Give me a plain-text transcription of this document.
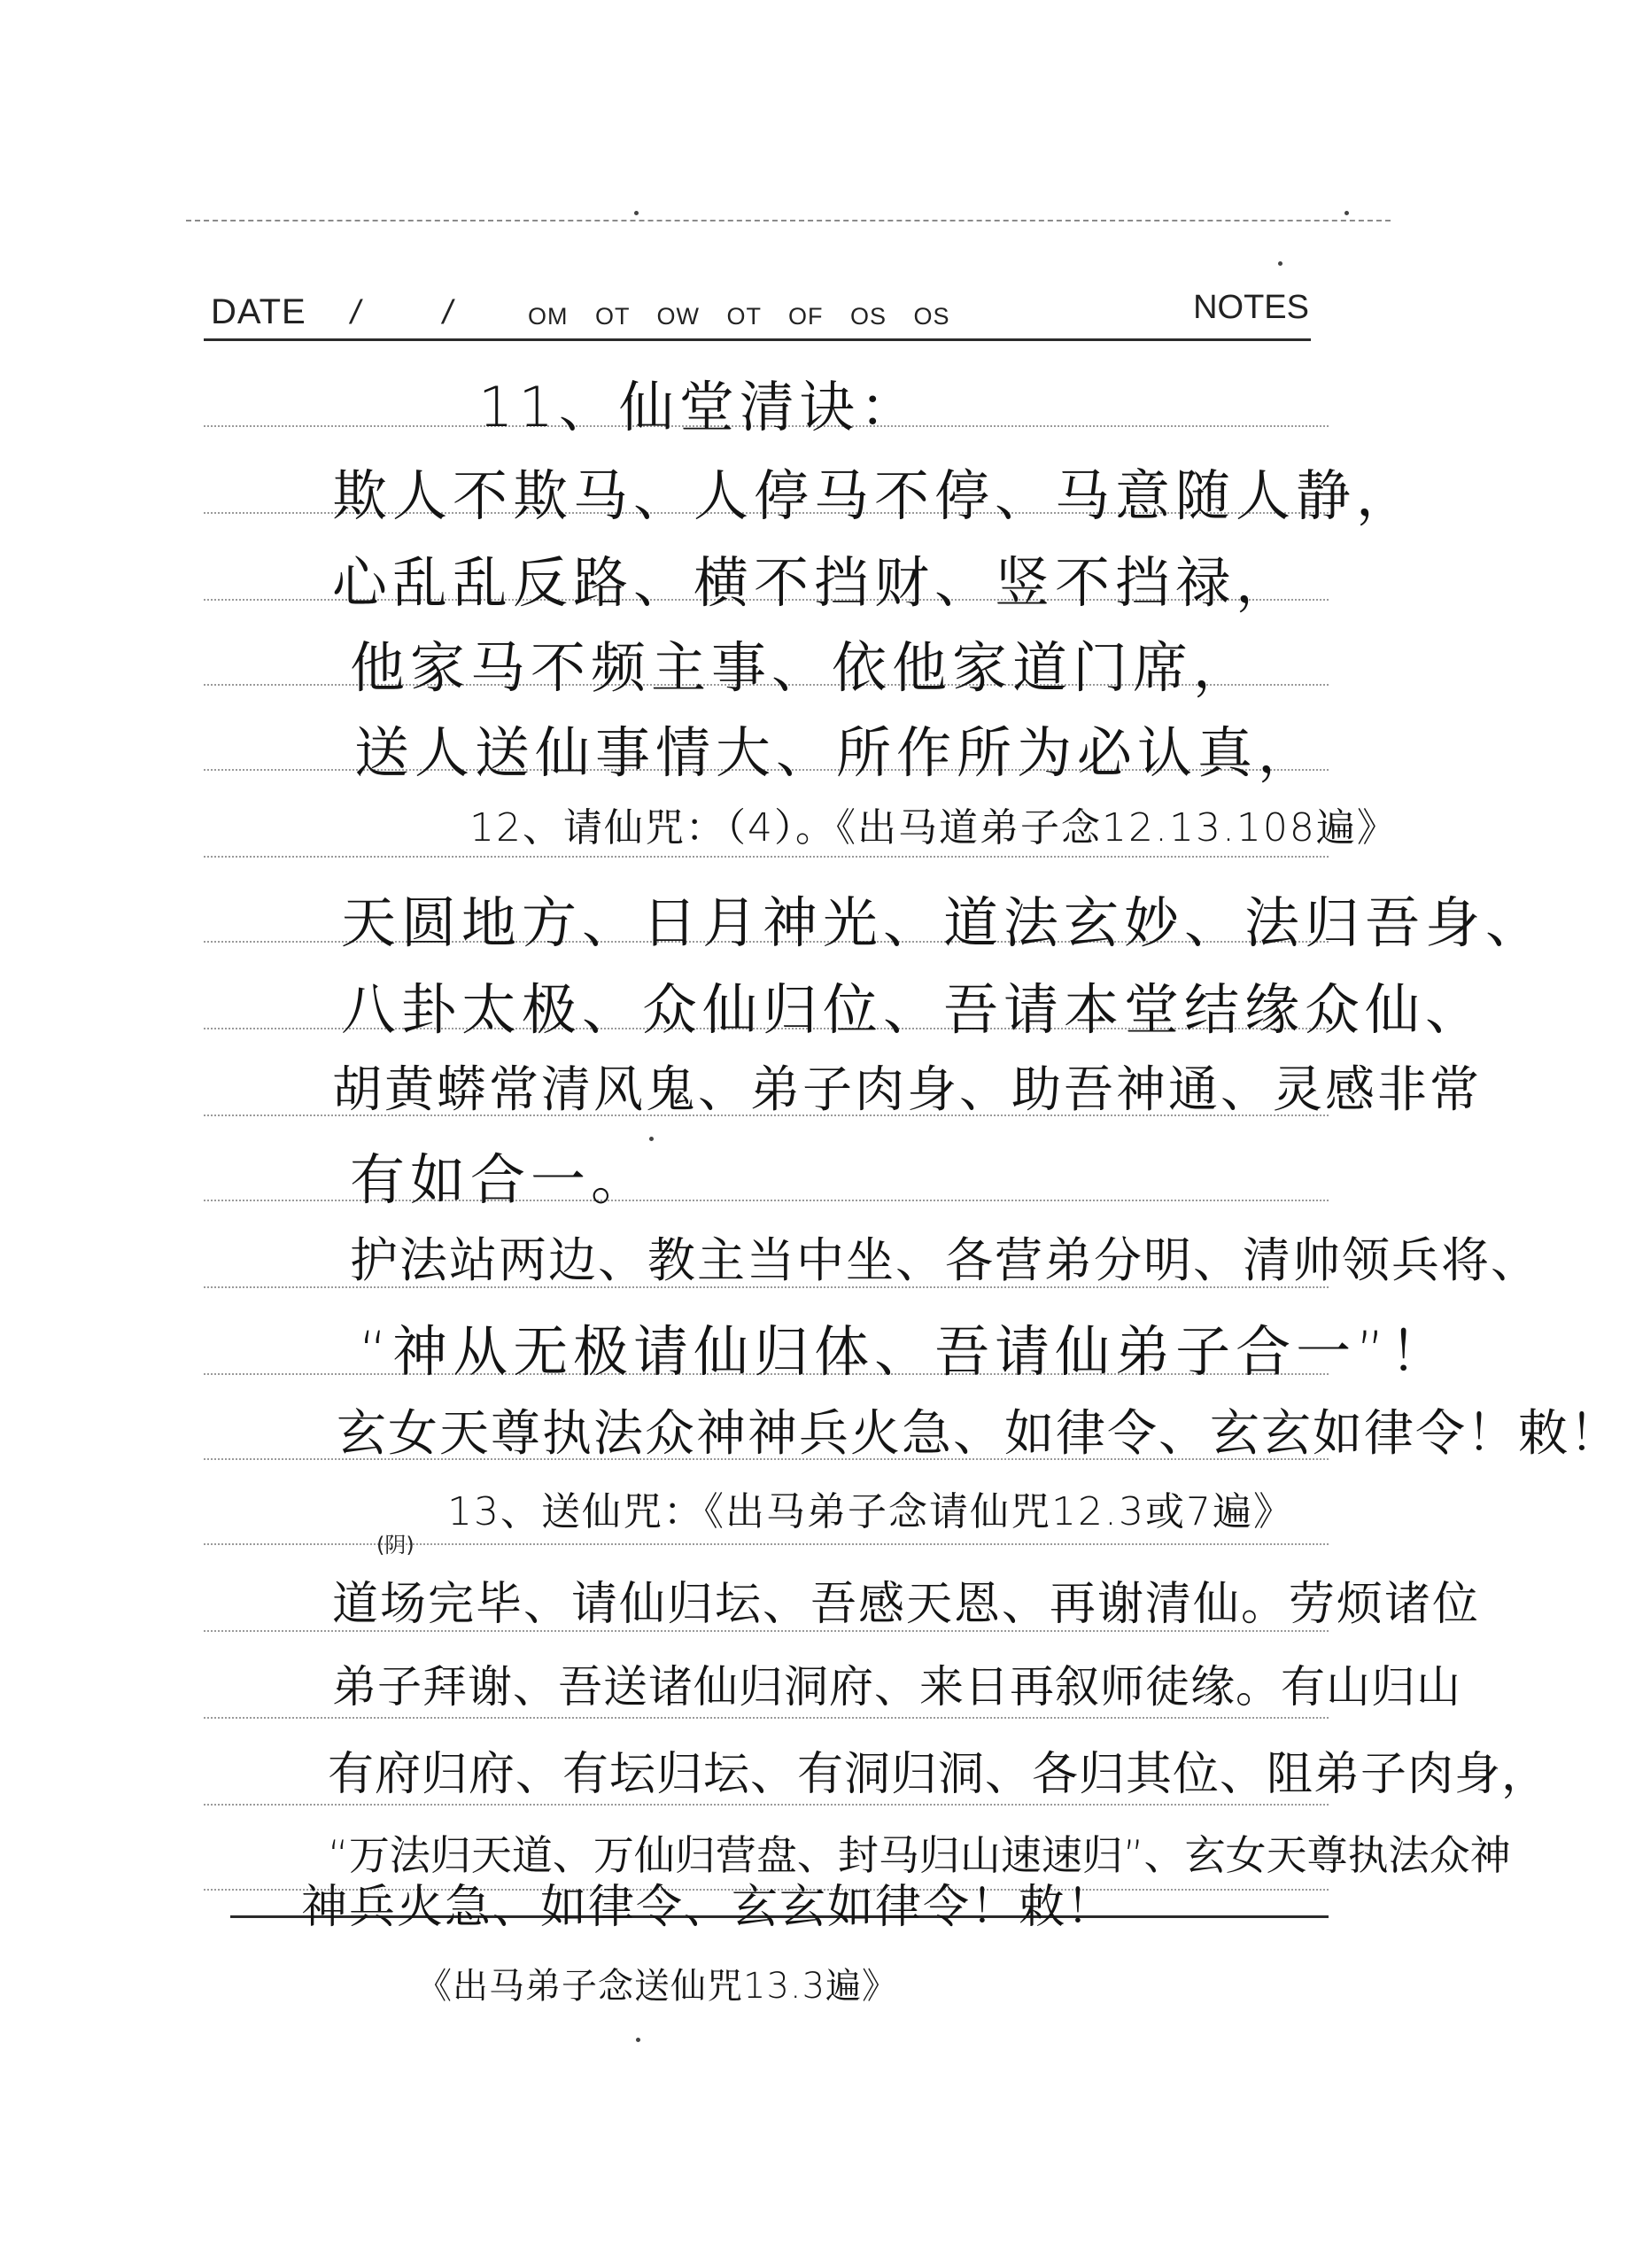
DATE / /	OM OT OW OT OF OS OS	NOTES
11、仙堂清诀：
欺人不欺马、人停马不停、马意随人静，
心乱乱反路、横不挡财、竖不挡禄，
他家马不频主事、依他家道门席，
送人送仙事情大、所作所为必认真，
12、请仙咒：（4）。《出马道弟子念12.13.108遍》
天圆地方、日月神光、道法玄妙、法归吾身、
八卦太极、众仙归位、吾请本堂结缘众仙、
胡黄蟒常清风鬼、弟子肉身、助吾神通、灵感非常
有如合一。
护法站两边、教主当中坐、各营弟分明、清帅领兵将、
“神从无极请仙归体、吾请仙弟子合一”！
玄女天尊执法众神神兵火急、如律令、玄玄如律令！敕！
13、送仙咒：《出马弟子念请仙咒12.3或7遍》
(阴)
道场完毕、请仙归坛、吾感天恩、再谢清仙。劳烦诸位
弟子拜谢、吾送诸仙归洞府、来日再叙师徒缘。有山归山
有府归府、有坛归坛、有洞归洞、各归其位、阻弟子肉身，
“万法归天道、万仙归营盘、封马归山速速归”、玄女天尊执法众神
神兵火急、如律令、玄玄如律令！敕！
《出马弟子念送仙咒13.3遍》
